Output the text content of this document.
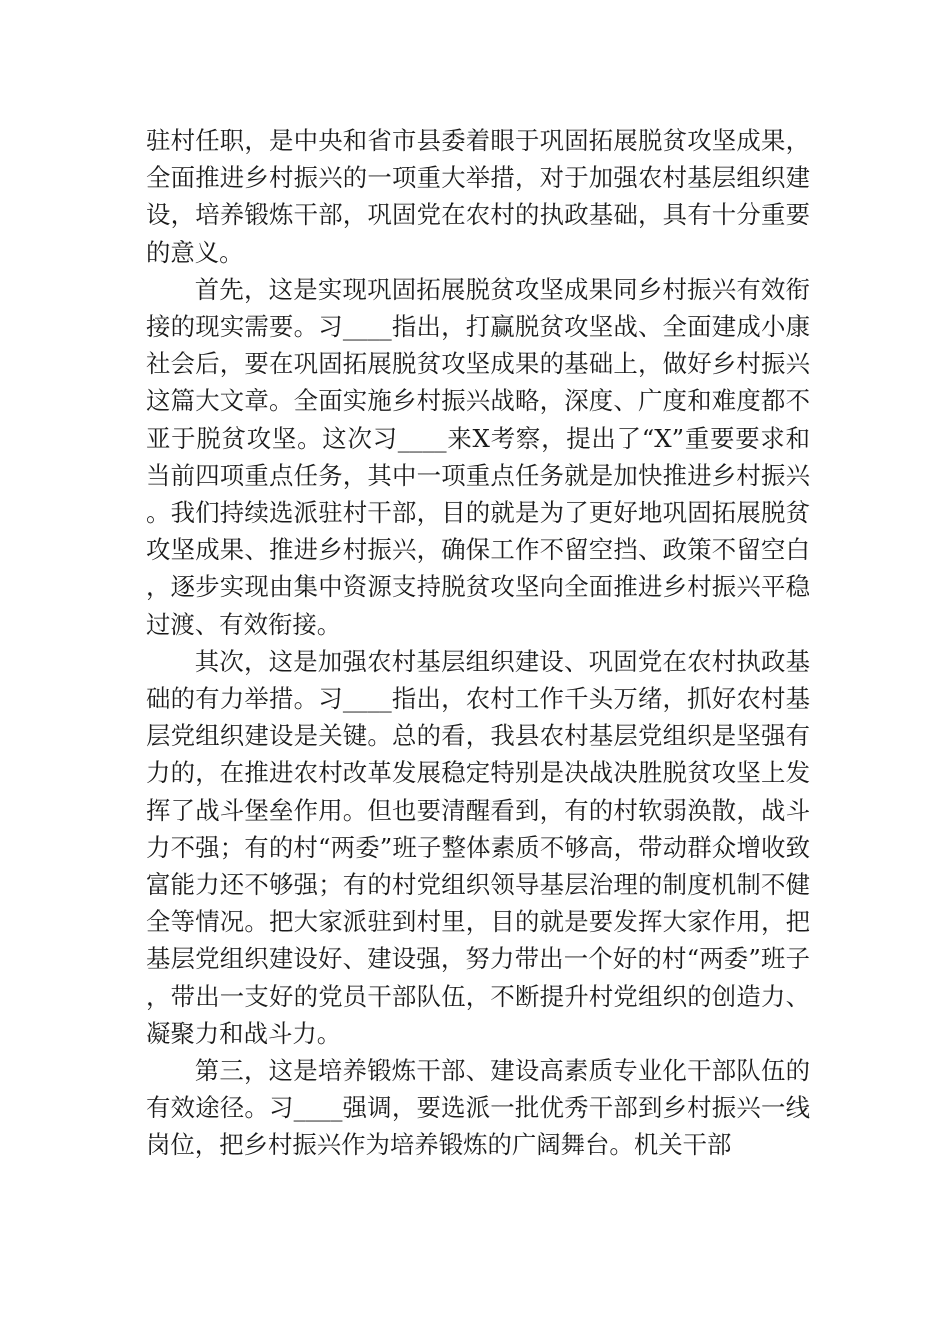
驻村任职，是中央和省市县委着眼于巩固拓展脱贫攻坚成果，全面推进乡村振兴的一项重大举措，对于加强农村基层组织建设，培养锻炼干部，巩固党在农村的执政基础，具有十分重要的意义。

首先，这是实现巩固拓展脱贫攻坚成果同乡村振兴有效衔接的现实需要。习____指出，打赢脱贫攻坚战、全面建成小康社会后，要在巩固拓展脱贫攻坚成果的基础上，做好乡村振兴这篇大文章。全面实施乡村振兴战略，深度、广度和难度都不亚于脱贫攻坚。这次习____来X考察，提出了“X”重要要求和当前四项重点任务，其中一项重点任务就是加快推进乡村振兴。我们持续选派驻村干部，目的就是为了更好地巩固拓展脱贫攻坚成果、推进乡村振兴，确保工作不留空挡、政策不留空白，逐步实现由集中资源支持脱贫攻坚向全面推进乡村振兴平稳过渡、有效衔接。

其次，这是加强农村基层组织建设、巩固党在农村执政基础的有力举措。习____指出，农村工作千头万绪，抓好农村基层党组织建设是关键。总的看，我县农村基层党组织是坚强有力的，在推进农村改革发展稳定特别是决战决胜脱贫攻坚上发挥了战斗堡垒作用。但也要清醒看到，有的村软弱涣散，战斗力不强；有的村“两委”班子整体素质不够高，带动群众增收致富能力还不够强；有的村党组织领导基层治理的制度机制不健全等情况。把大家派驻到村里，目的就是要发挥大家作用，把基层党组织建设好、建设强，努力带出一个好的村“两委”班子，带出一支好的党员干部队伍，不断提升村党组织的创造力、凝聚力和战斗力。

第三，这是培养锻炼干部、建设高素质专业化干部队伍的有效途径。习____强调，要选派一批优秀干部到乡村振兴一线岗位，把乡村振兴作为培养锻炼的广阔舞台。机关干部
